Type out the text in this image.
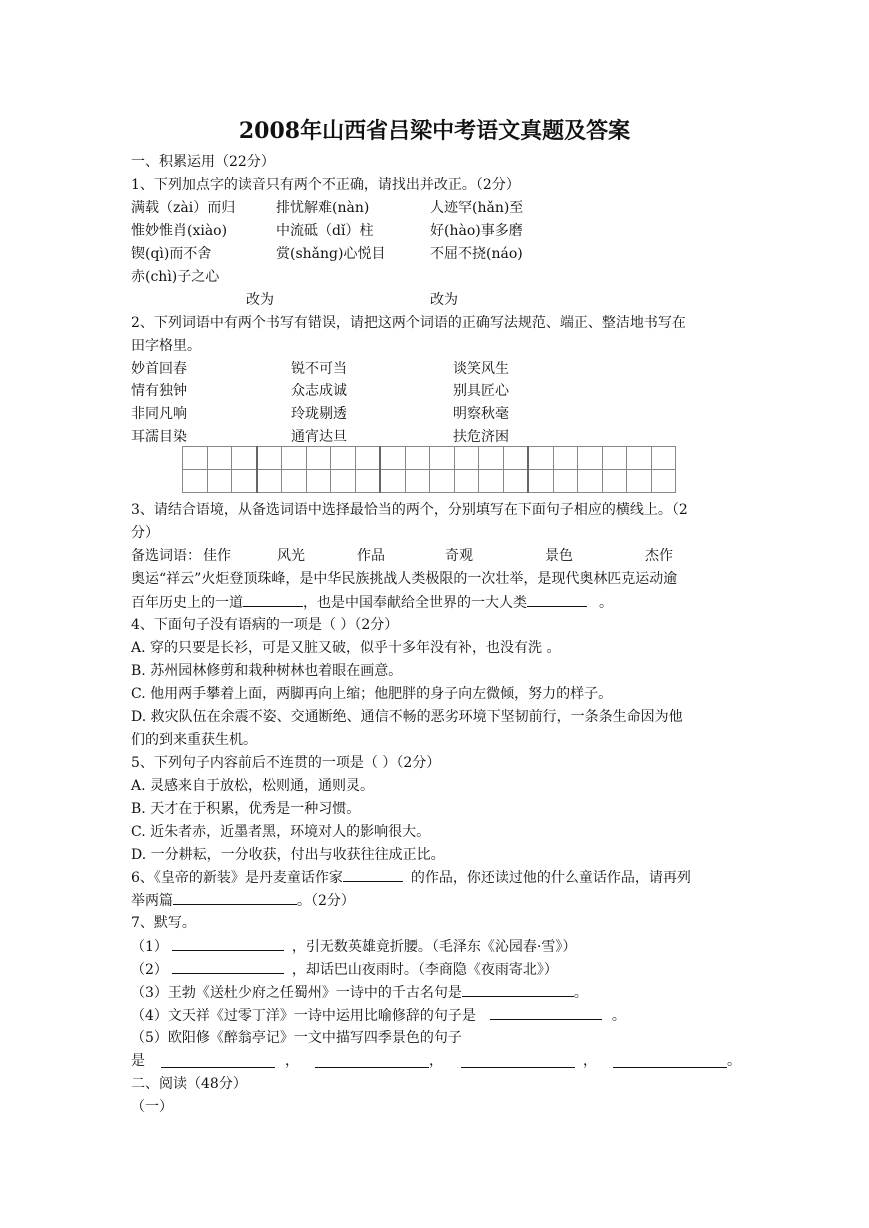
2008年山西省吕梁中考语文真题及答案
一、积累运用（22分）
1、下列加点字的读音只有两个不正确，请找出并改正。（2分）
满载（zài）而归	排忧解难(nàn)	人迹罕(hǎn)至
惟妙惟肖(xiào)	中流砥（dǐ）柱	好(hào)事多磨
锲(qì)而不舍	赏(shǎng)心悦目	不屈不挠(náo)
赤(chì)子之心
改为	改为
2、下列词语中有两个书写有错误，请把这两个词语的正确写法规范、端正、整洁地书写在
田字格里。
妙首回春	锐不可当	谈笑风生
情有独钟	众志成诚	别具匠心
非同凡响	玲珑剔透	明察秋毫
耳濡目染	通宵达旦	扶危济困

3、请结合语境，从备选词语中选择最恰当的两个，分别填写在下面句子相应的横线上。（2
分）
备选词语： 佳作	风光	作品	奇观	景色	杰作
奥运“祥云”火炬登顶珠峰，是中华民族挑战人类极限的一次壮举，是现代奥林匹克运动逾
百年历史上的一道	，也是中国奉献给全世界的一大人类	。
4、下面句子没有语病的一项是（ ）（2分）
A. 穿的只要是长衫，可是又脏又破，似乎十多年没有补，也没有洗 。
B. 苏州园林修剪和栽种树林也着眼在画意。
C. 他用两手攀着上面，两脚再向上缩；他肥胖的身子向左微倾，努力的样子。
D. 救灾队伍在余震不姿、交通断绝、通信不畅的恶劣环境下坚韧前行，一条条生命因为他
们的到来重获生机。
5、下列句子内容前后不连贯的一项是（ ）（2分）
A. 灵感来自于放松，松则通，通则灵。
B. 天才在于积累，优秀是一种习惯。
C. 近朱者赤，近墨者黑，环境对人的影响很大。
D. 一分耕耘，一分收获，付出与收获往往成正比。
6、《皇帝的新装》是丹麦童话作家	的作品，你还读过他的什么童话作品，请再列
举两篇	。（2分）
7、默写。
（1）	，引无数英雄竟折腰。（毛泽东《沁园春·雪》）
（2）	，却话巴山夜雨时。（李商隐《夜雨寄北》）
（3）王勃《送杜少府之任蜀州》一诗中的千古名句是	。
（4）文天祥《过零丁洋》一诗中运用比喻修辞的句子是	。
（5）欧阳修《醉翁亭记》一文中描写四季景色的句子
是	，	，	，	。
二、阅读（48分）
（一）
